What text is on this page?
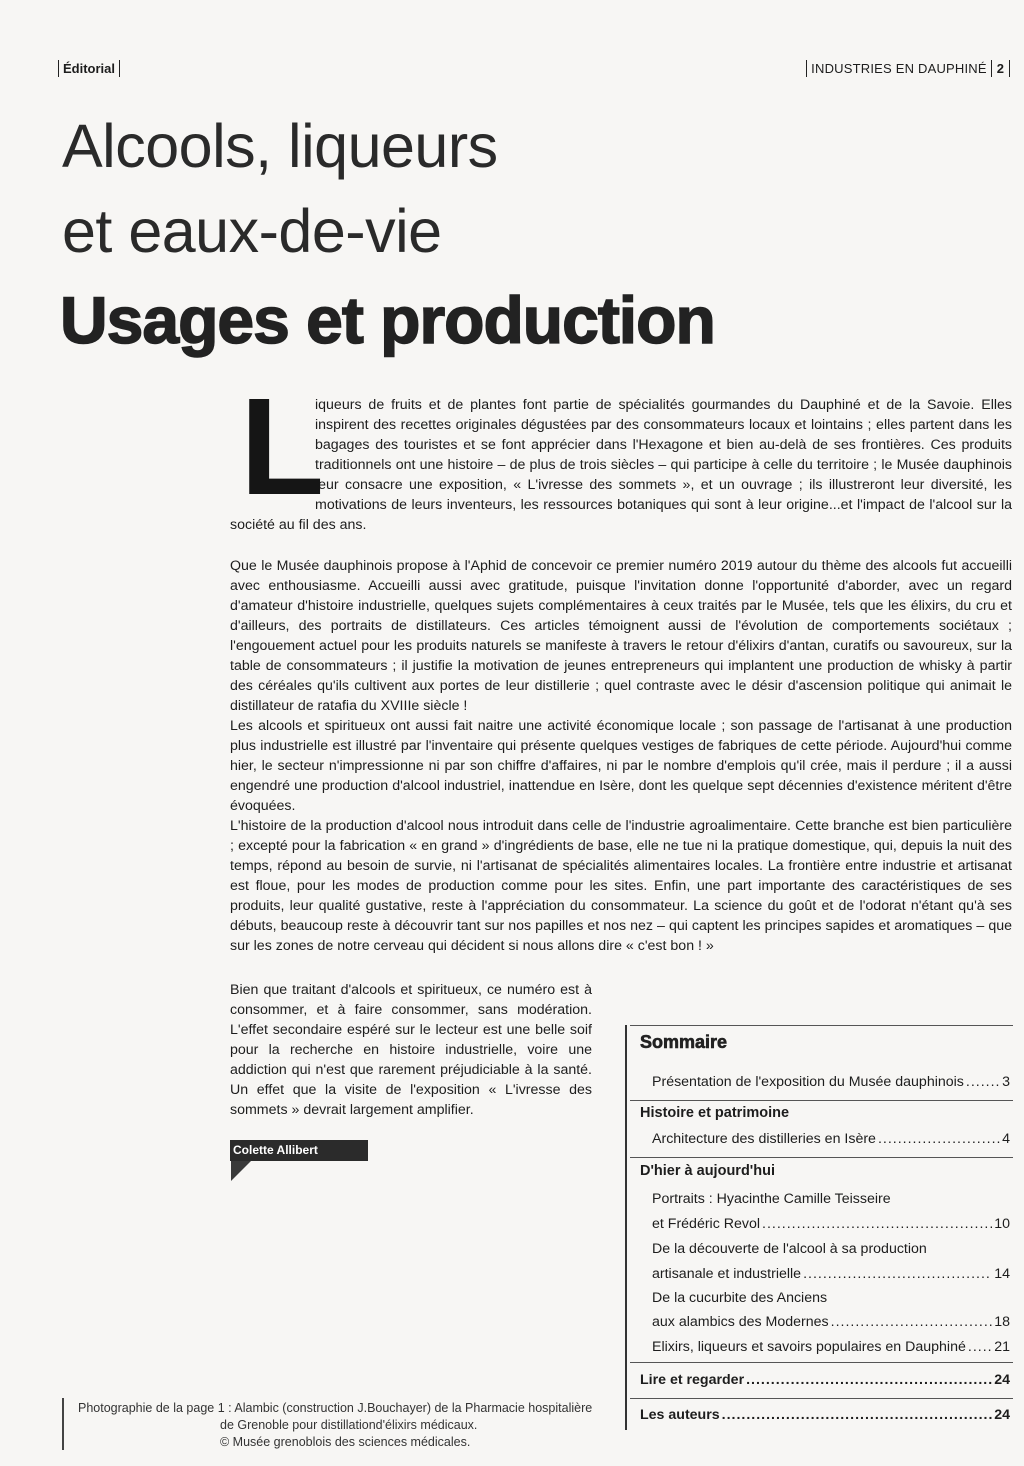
Éditorial	INDUSTRIES EN DAUPHINÉ 2
Alcools, liqueurs
et eaux-de-vie
Usages et production
L
iqueurs de fruits et de plantes font partie de spécialités gourmandes du Dauphiné et de la Savoie. Elles inspirent des recettes originales dégustées par des consommateurs locaux et lointains ; elles partent dans les bagages des touristes et se font apprécier dans l'Hexagone et bien au-delà de ses frontières. Ces produits traditionnels ont une histoire – de plus de trois siècles – qui participe à celle du territoire ; le Musée dauphinois leur consacre une exposition, « L'ivresse des sommets », et un ouvrage ; ils illustreront leur diversité, les motivations de leurs inventeurs, les ressources botaniques qui sont à leur origine...et l'impact de l'alcool sur la société au fil des ans.

Que le Musée dauphinois propose à l'Aphid de concevoir ce premier numéro 2019 autour du thème des alcools fut accueilli avec enthousiasme. Accueilli aussi avec gratitude, puisque l'invitation donne l'opportunité d'aborder, avec un regard d'amateur d'histoire industrielle, quelques sujets complémentaires à ceux traités par le Musée, tels que les élixirs, du cru et d'ailleurs, des portraits de distillateurs. Ces articles témoignent aussi de l'évolution de comportements sociétaux ; l'engouement actuel pour les produits naturels se manifeste à travers le retour d'élixirs d'antan, curatifs ou savoureux, sur la table de consommateurs ; il justifie la motivation de jeunes entrepreneurs qui implantent une production de whisky à partir des céréales qu'ils cultivent aux portes de leur distillerie ; quel contraste avec le désir d'ascension politique qui animait le distillateur de ratafia du XVIIIe siècle !

Les alcools et spiritueux ont aussi fait naitre une activité économique locale ; son passage de l'artisanat à une production plus industrielle est illustré par l'inventaire qui présente quelques vestiges de fabriques de cette période. Aujourd'hui comme hier, le secteur n'impressionne ni par son chiffre d'affaires, ni par le nombre d'emplois qu'il crée, mais il perdure ; il a aussi engendré une production d'alcool industriel, inattendue en Isère, dont les quelque sept décennies d'existence méritent d'être évoquées.

L'histoire de la production d'alcool nous introduit dans celle de l'industrie agroalimentaire. Cette branche est bien particulière ; excepté pour la fabrication « en grand » d'ingrédients de base, elle ne tue ni la pratique domestique, qui, depuis la nuit des temps, répond au besoin de survie, ni l'artisanat de spécialités alimentaires locales. La frontière entre industrie et artisanat est floue, pour les modes de production comme pour les sites. Enfin, une part importante des caractéristiques de ses produits, leur qualité gustative, reste à l'appréciation du consommateur. La science du goût et de l'odorat n'étant qu'à ses débuts, beaucoup reste à découvrir tant sur nos papilles et nos nez – qui captent les principes sapides et aromatiques – que sur les zones de notre cerveau qui décident si nous allons dire « c'est bon ! »

Bien que traitant d'alcools et spiritueux, ce numéro est à consommer, et à faire consommer, sans modération. L'effet secondaire espéré sur le lecteur est une belle soif pour la recherche en histoire industrielle, voire une addiction qui n'est que rarement préjudiciable à la santé. Un effet que la visite de l'exposition « L'ivresse des sommets » devrait largement amplifier.
Colette Allibert
Sommaire
Présentation de l'exposition du Musée dauphinois .....	3
Histoire et patrimoine
Architecture des distilleries en Isère .....	4
D'hier à aujourd'hui
Portraits : Hyacinthe Camille Teisseire
et Frédéric Revol .....	10
De la découverte de l'alcool à sa production
artisanale et industrielle .....	14
De la cucurbite des Anciens
aux alambics des Modernes .....	18
Elixirs, liqueurs et savoirs populaires en Dauphiné ..... 21
Lire et regarder .....	24
Les auteurs .....	24
Photographie de la page 1 : Alambic (construction J.Bouchayer) de la Pharmacie hospitalière
de Grenoble pour distillationd'élixirs médicaux.
© Musée grenoblois des sciences médicales.
